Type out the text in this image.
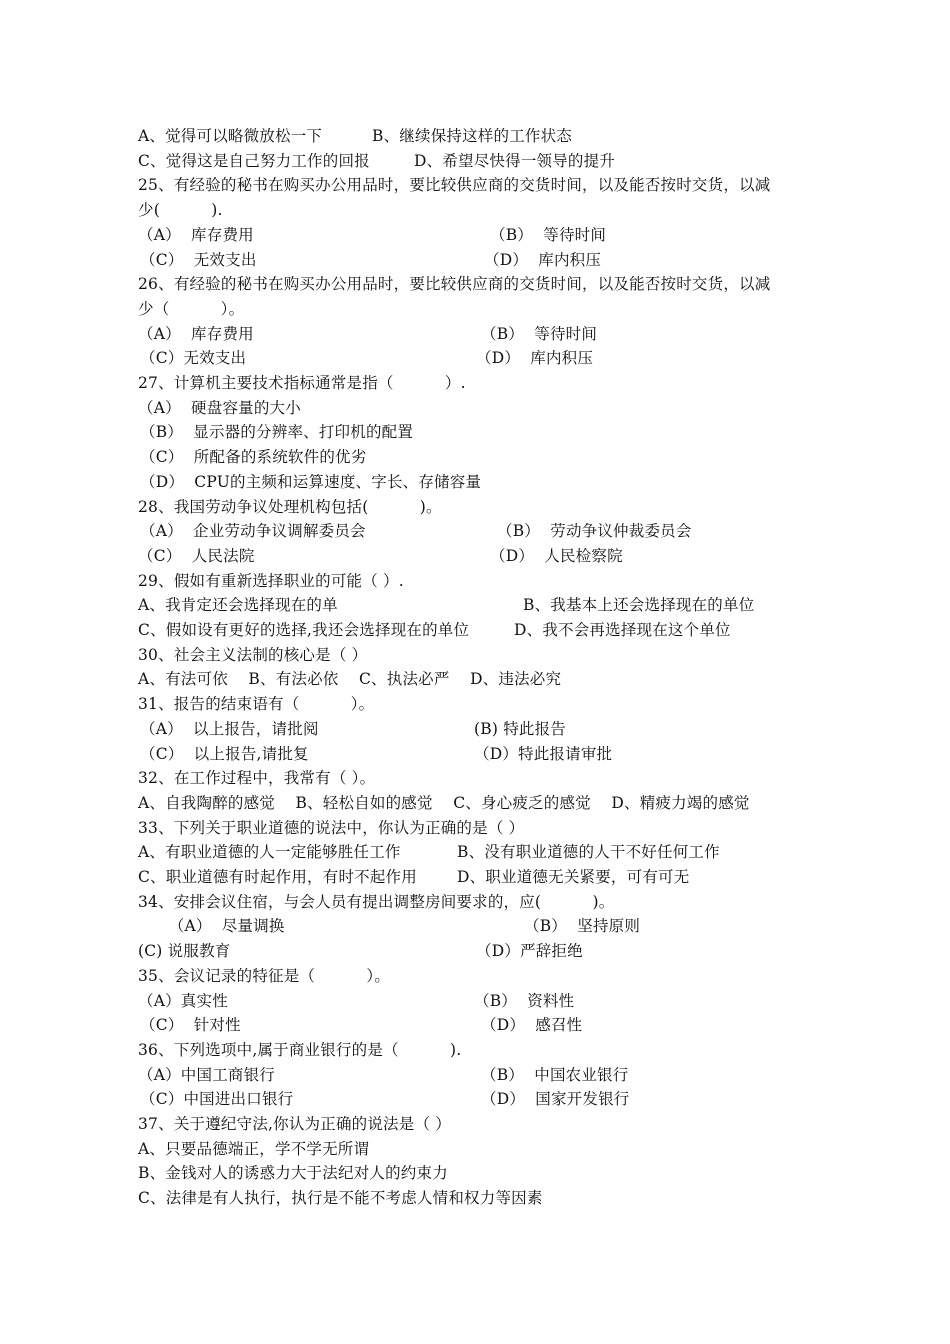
A、觉得可以略微放松一下	B、继续保持这样的工作状态
C、觉得这是自己努力工作的回报	D、希望尽快得一领导的提升
25、有经验的秘书在购买办公用品时，要比较供应商的交货时间，以及能否按时交货，以减
少(          ).
（A）  库存费用	（B）  等待时间
（C）  无效支出	（D）  库内积压
26、有经验的秘书在购买办公用品时，要比较供应商的交货时间，以及能否按时交货，以减
少（          ）。
（A）  库存费用	（B）  等待时间
（C）无效支出	（D）  库内积压
27、计算机主要技术指标通常是指（          ）.
（A）  硬盘容量的大小
（B）  显示器的分辨率、打印机的配置
（C）  所配备的系统软件的优劣
（D）  CPU的主频和运算速度、字长、存储容量
28、我国劳动争议处理机构包括(          )。
（A）  企业劳动争议调解委员会	（B）  劳动争议仲裁委员会
（C）  人民法院	（D）  人民检察院
29、假如有重新选择职业的可能（ ）.
A、我肯定还会选择现在的单	B、我基本上还会选择现在的单位
C、假如设有更好的选择,我还会选择现在的单位	D、我不会再选择现在这个单位
30、社会主义法制的核心是（ ）
A、有法可依    B、有法必依    C、执法必严    D、违法必究
31、报告的结束语有（          ）。
（A）  以上报告，请批阅	(B) 特此报告
（C）  以上报告,请批复	（D）特此报请审批
32、在工作过程中，我常有（ ）。
A、自我陶醉的感觉    B、轻松自如的感觉    C、身心疲乏的感觉    D、精疲力竭的感觉
33、下列关于职业道德的说法中，你认为正确的是（ ）
A、有职业道德的人一定能够胜任工作	B、没有职业道德的人干不好任何工作
C、职业道德有时起作用，有时不起作用	D、职业道德无关紧要，可有可无
34、安排会议住宿，与会人员有提出调整房间要求的，应(          )。
（A）  尽量调换	（B）  坚持原则
(C) 说服教育	（D）严辞拒绝
35、会议记录的特征是（          ）。
（A）真实性	（B）  资料性
（C）  针对性	（D）  感召性
36、下列选项中,属于商业银行的是（          ).
（A）中国工商银行	（B）  中国农业银行
（C）中国进出口银行	（D）  国家开发银行
37、关于遵纪守法,你认为正确的说法是（ ）
A、只要品德端正，学不学无所谓
B、金钱对人的诱惑力大于法纪对人的约束力
C、法律是有人执行，执行是不能不考虑人情和权力等因素
